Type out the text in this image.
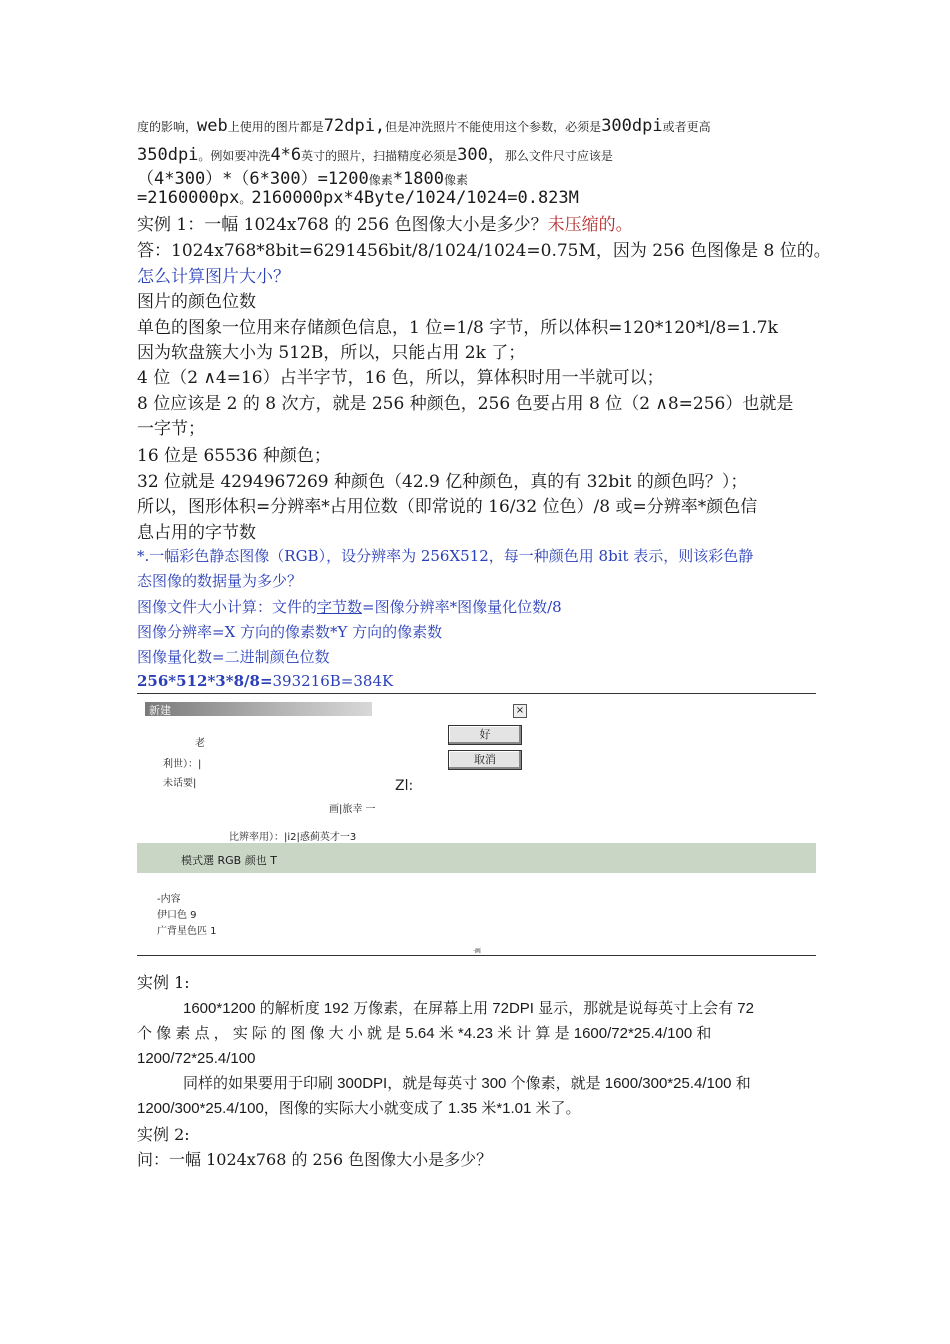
度的影响，web上使用的图片都是72dpi,但是冲洗照片不能使用这个参数，必须是300dpi或者更高
350dpi。例如要冲洗4*6英寸的照片，扫描精度必须是300，那么文件尺寸应该是
（4*300）*（6*300）=1200像素*1800像素
=2160000px。2160000px*4Byte/1024/1024=0.823M
实例 1：一幅 1024x768 的 256 色图像大小是多少？未压缩的。
答：1024x768*8bit=6291456bit/8/1024/1024=0.75M，因为 256 色图像是 8 位的。
怎么计算图片大小？
图片的颜色位数
单色的图象一位用来存储颜色信息，1 位=1/8 字节，所以体积=120*120*l/8=1.7k
因为软盘簇大小为 512B，所以，只能占用 2k 了；
4 位（2 ∧4=16）占半字节，16 色，所以，算体积时用一半就可以；
8 位应该是 2 的 8 次方，就是 256 种颜色，256 色要占用 8 位（2 ∧8=256）也就是
一字节；
16 位是 65536 种颜色；
32 位就是 4294967269 种颜色（42.9 亿种颜色，真的有 32bit 的颜色吗？）；
所以，图形体积=分辨率*占用位数（即常说的 16/32 位色）/8 或=分辨率*颜色信
息占用的字节数
*.一幅彩色静态图像（RGB），设分辨率为 256X512，每一种颜色用 8bit 表示，则该彩色静
态图像的数据量为多少？
图像文件大小计算：文件的字节数=图像分辨率*图像量化位数/8
图像分辨率=X 方向的像素数*Y 方向的像素数
图像量化数=二进制颜色位数
256*512*3*8/8=393216B=384K
新建	×
好
取消
老
利世）：|
未话要|	Zl:
画|旅幸 一
比辨率用）：|i2|惑蓟英才一3
模式選 RGB 颜也 T
-内容
伊口色 9
广背星色匹 1
·画
实例 1:
1600*1200 的解析度 192 万像素，在屏幕上用 72DPI 显示，那就是说每英寸上会有 72
个 像 素 点 ， 实 际 的 图 像 大 小 就 是 5.64 米 *4.23 米 计 算 是 1600/72*25.4/100 和
1200/72*25.4/100
同样的如果要用于印刷 300DPI，就是每英寸 300 个像素，就是 1600/300*25.4/100 和
1200/300*25.4/100，图像的实际大小就变成了 1.35 米*1.01 米了。
实例 2:
问：一幅 1024x768 的 256 色图像大小是多少？
